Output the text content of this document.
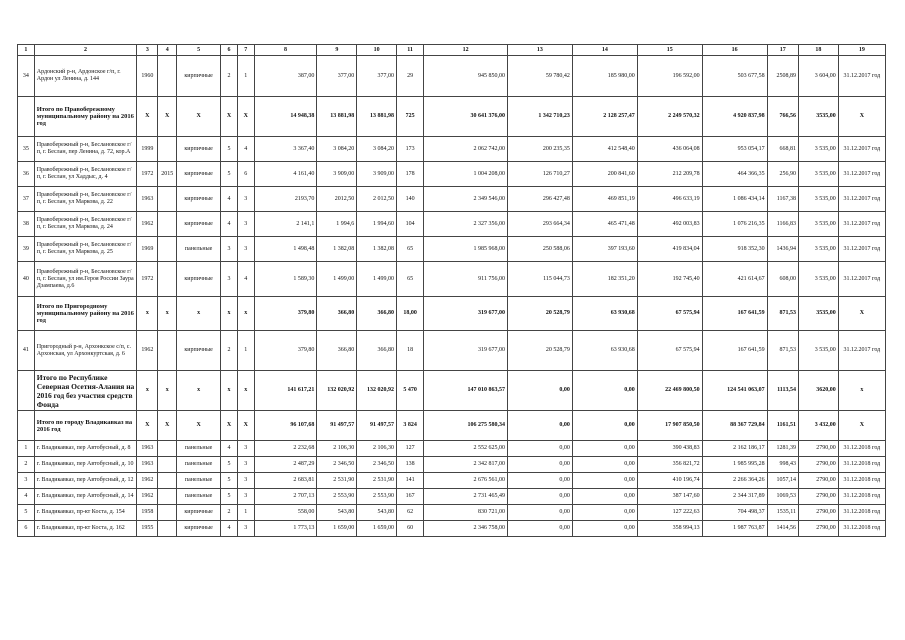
1	2	3	4	5	6	7	8	9	10	11	12	13	14	15	16	17	18	19
34	Ардонский р-н, Ардонское г/п, г. Ардон ул Ленина, д. 144	1960		кирпичные	2	1	387,00	377,00	377,00	29	945 850,00	59 780,42	185 980,00	196 592,00	503 677,58	2508,89	3 604,00	31.12.2017 год
	Итого по Правобережному муниципальному району на 2016 год	Х	Х	Х	Х	Х	14 948,38	13 881,98	13 881,98	725	30 641 376,00	1 342 710,23	2 128 257,47	2 249 570,32	4 920 837,98	766,56	3535,00	Х
35	Правобережный р-н, Беслановское г/п, г. Беслан, пер Ленина, д. 72, кор.А	1999		кирпичные	5	4	3 367,40	3 084,20	3 084,20	173	2 062 742,00	200 235,35	412 548,40	436 064,08	953 054,17	668,81	3 535,00	31.12.2017 год
36	Правобережный р-н, Беслановское г/п, г. Беслан, ул Хаддыс, д. 4	1972	2015	кирпичные	5	6	4 161,40	3 909,00	3 909,00	178	1 004 208,00	126 710,27	200 841,60	212 209,78	464 366,35	256,90	3 535,00	31.12.2017 год
37	Правобережный р-н, Беслановское г/п, г. Беслан, ул Маркова, д. 22	1963		кирпичные	4	3	2193,70	2012,50	2 012,50	140	2 349 546,00	296 427,48	469 851,19	496 633,19	1 086 434,14	1167,38	3 535,00	31.12.2017 год
38	Правобережный р-н, Беслановское г/п, г. Беслан, ул Маркова, д. 24	1962		кирпичные	4	3	2 141,1	1 994,6	1 994,60	104	2 327 356,00	293 664,34	465 471,48	492 003,83	1 076 216,35	1166,83	3 535,00	31.12.2017 год
39	Правобережный р-н, Беслановское г/п, г. Беслан, ул Маркова, д. 25	1969		панельные	3	3	1 498,48	1 382,08	1 382,08	65	1 985 968,00	250 588,06	397 193,60	419 834,04	918 352,30	1436,94	3 535,00	31.12.2017 год
40	Правобережный р-н, Беслановское г/п, г. Беслан, ул им.Героя России Заура Дзампаева, д.6	1972		кирпичные	3	4	1 589,30	1 499,00	1 499,00	65	911 756,00	115 044,73	182 351,20	192 745,40	421 614,67	608,00	3 535,00	31.12.2017 год
	Итого по Пригородному муниципальному району на 2016 год	х	х	х	х	х	379,80	366,80	366,80	18,00	319 677,00	20 528,79	63 930,68	67 575,94	167 641,59	871,53	3535,00	Х
41	Пригородный р-н, Архонкское с/п, с. Архонская, ул Архонкуртская, д. 6	1962		кирпичные	2	1	379,80	366,80	366,80	18	319 677,00	20 528,79	63 930,68	67 575,94	167 641,59	871,53	3 535,00	31.12.2017 год
	Итого по Республике Северная Осетия-Алания на 2016 год без участия средств Фонда	х	х	х	х	х	141 617,21	132 020,92	132 020,92	5 470	147 010 863,57	0,00	0,00	22 469 800,50	124 541 063,07	1113,54	3620,00	х
	Итого по городу Владикавказ на 2016 год	Х	Х	Х	Х	Х	96 107,68	91 497,57	91 497,57	3 824	106 275 580,34	0,00	0,00	17 907 850,50	88 367 729,84	1161,51	3 432,00	Х
1	г. Владикавказ, пер Автобусный, д. 8	1963		панельные	4	3	2 232,68	2 106,30	2 106,30	127	2 552 625,00	0,00	0,00	390 438,83	2 162 186,17	1281,39	2790,00	31.12.2018 год
2	г. Владикавказ, пер Автобусный, д. 10	1963		панельные	5	3	2 487,29	2 346,50	2 346,50	138	2 342 817,00	0,00	0,00	356 821,72	1 985 995,28	998,43	2790,00	31.12.2018 год
3	г. Владикавказ, пер Автобусный, д. 12	1962		панельные	5	3	2 683,81	2 531,90	2 531,90	141	2 676 561,00	0,00	0,00	410 196,74	2 266 364,26	1057,14	2790,00	31.12.2018 год
4	г. Владикавказ, пер Автобусный, д. 14	1962		панельные	5	3	2 707,13	2 553,90	2 553,90	167	2 731 465,49	0,00	0,00	387 147,60	2 344 317,89	1069,53	2790,00	31.12.2018 год
5	г. Владикавказ, пр-кт Коста, д. 154	1958		кирпичные	2	1	558,00	543,80	543,80	62	830 721,00	0,00	0,00	127 222,63	704 498,37	1535,11	2790,00	31.12.2018 год
6	г. Владикавказ, пр-кт Коста, д. 162	1955		кирпичные	4	3	1 773,13	1 659,00	1 659,00	60	2 346 758,00	0,00	0,00	358 994,13	1 987 763,87	1414,56	2790,00	31.12.2018 год
